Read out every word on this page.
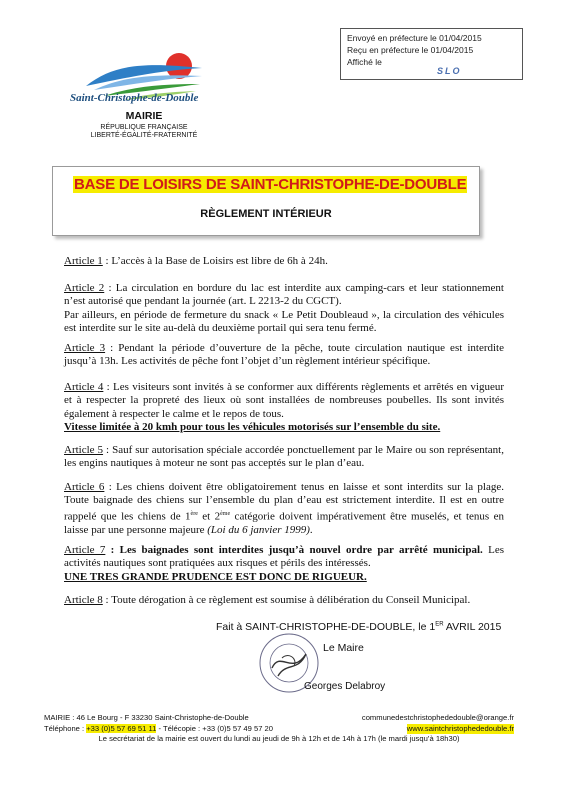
Envoyé en préfecture le 01/04/2015
Reçu en préfecture le 01/04/2015
Affiché le
SLO
Saint-Christophe-de-Double
MAIRIE
RÉPUBLIQUE FRANÇAISE
LIBERTÉ-ÉGALITÉ-FRATERNITÉ
BASE DE LOISIRS DE SAINT-CHRISTOPHE-DE-DOUBLE
RÈGLEMENT INTÉRIEUR

Article 1 : L’accès à la Base de Loisirs est libre de 6h à 24h.

Article 2 : La circulation en bordure du lac est interdite aux camping-cars et leur stationnement n’est autorisé que pendant la journée (art. L 2213-2 du CGCT).

Par ailleurs, en période de fermeture du snack « Le Petit Doubleaud », la circulation des véhicules est interdite sur le site au-delà du deuxième portail qui sera tenu fermé.

Article 3 : Pendant la période d’ouverture de la pêche, toute circulation nautique est interdite jusqu’à 13h. Les activités de pêche font l’objet d’un règlement intérieur spécifique.

Article 4 : Les visiteurs sont invités à se conformer aux différents règlements et arrêtés en vigueur et à respecter la propreté des lieux où sont installées de nombreuses poubelles. Ils sont invités également à respecter le calme et le repos de tous.

Vitesse limitée à 20 kmh pour tous les véhicules motorisés sur l’ensemble du site.

Article 5 : Sauf sur autorisation spéciale accordée ponctuellement par le Maire ou son représentant, les engins nautiques à moteur ne sont pas acceptés sur le plan d’eau.

Article 6 : Les chiens doivent être obligatoirement tenus en laisse et sont interdits sur la plage. Toute baignade des chiens sur l’ensemble du plan d’eau est strictement interdite. Il est en outre rappelé que les chiens de 1ère et 2ème catégorie doivent impérativement être muselés, et tenus en laisse par une personne majeure (Loi du 6 janvier 1999).

Article 7 : Les baignades sont interdites jusqu’à nouvel ordre par arrêté municipal. Les activités nautiques sont pratiquées aux risques et périls des intéressés.

UNE TRES GRANDE PRUDENCE EST DONC DE RIGUEUR.

Article 8 : Toute dérogation à ce règlement est soumise à délibération du Conseil Municipal.

Fait à SAINT-CHRISTOPHE-DE-DOUBLE, le 1ER AVRIL 2015
Le Maire
Georges Delabroy
MAIRIE : 46 Le Bourg - F 33230 Saint-Christophe-de-Double	communedestchristophededouble@orange.fr
Téléphone : +33 (0)5 57 69 51 11 - Télécopie : +33 (0)5 57 49 57 20	www.saintchristophededouble.fr
Le secrétariat de la mairie est ouvert du lundi au jeudi de 9h à 12h et de 14h à 17h (le mardi jusqu’à 18h30)
